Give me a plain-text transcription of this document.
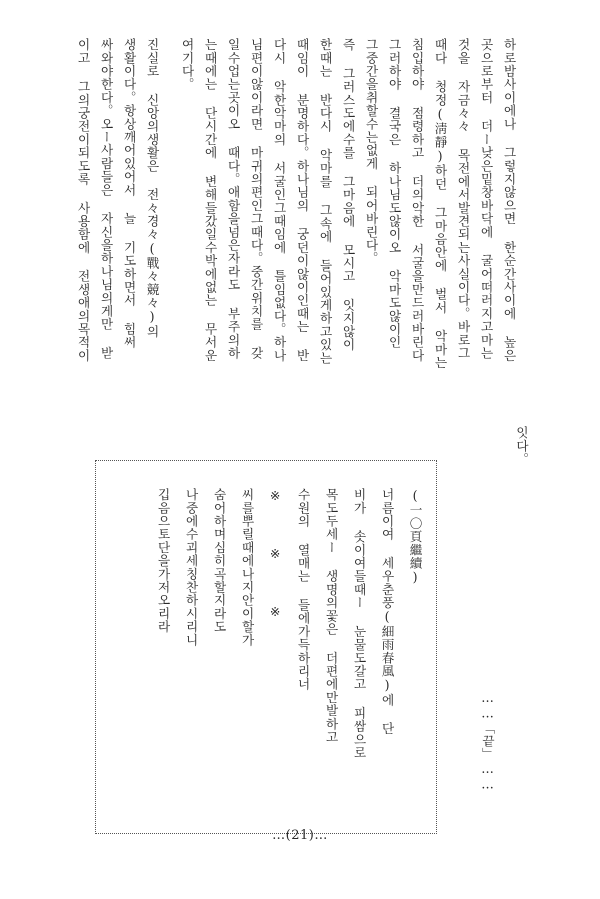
하로밤사이에나 그렇지않으면 한순간사이에 높은
곳으로부터 더ー낮은밑창바닥에 굴어떠러지고마는
것을 자금々々 목전에서발견되는사실이다。바로그
때다 청정(淸靜)하던 그마음안에 벌서 악마는
침입하야 점령하고 더의악한 서굴을만드러바린다
그러하야 결국은 하나님도않이오 악마도않이인
그중간을취할수는없게 되어바린다。
즉 그러스도에수를 그마음에 모시고 잇지않이
한때는 반다시 악마를 그속에 들어있게하고있는
때임이 분명하다。하나님의 궁던이않이인때는 반
다시 악한악마의 서굴인그때임에 틀임없다。하나
님편이않이라면 마귀의편인그때다。중간위치를 갖
일수업는곳이오 때다。애함을넘은자라도 부주의하
는때에는 단시간에 변해들갔일수박에없는 무서운
여기다。
진실로 신앙의생활은 전々경々(戰々競々)의
생활이다。항상깨어있어서 늘 기도하면서 힘써
싸와야한다。오ー사람들은 자신을하나님의게만 받
이고 그의궁전이되도록 사용함에 전생애의목적이
잇다。
(一〇頁繼續)
너름이여 세우춘풍(細雨春風)에 단
비가 솟이여들때ー 눈물도갈고 피쌈으로
목도두세ー 생명의꽃은 더편에만발하고
수원의 열매는 들에가득하리너
※ ※ ※
씨를뿌릴때에나지안이할가
숨어하며심히곡할지라도
나중에수괴세칭찬하시리니
깁음으토단을가저오리라
……「끝」……
…(21)…
